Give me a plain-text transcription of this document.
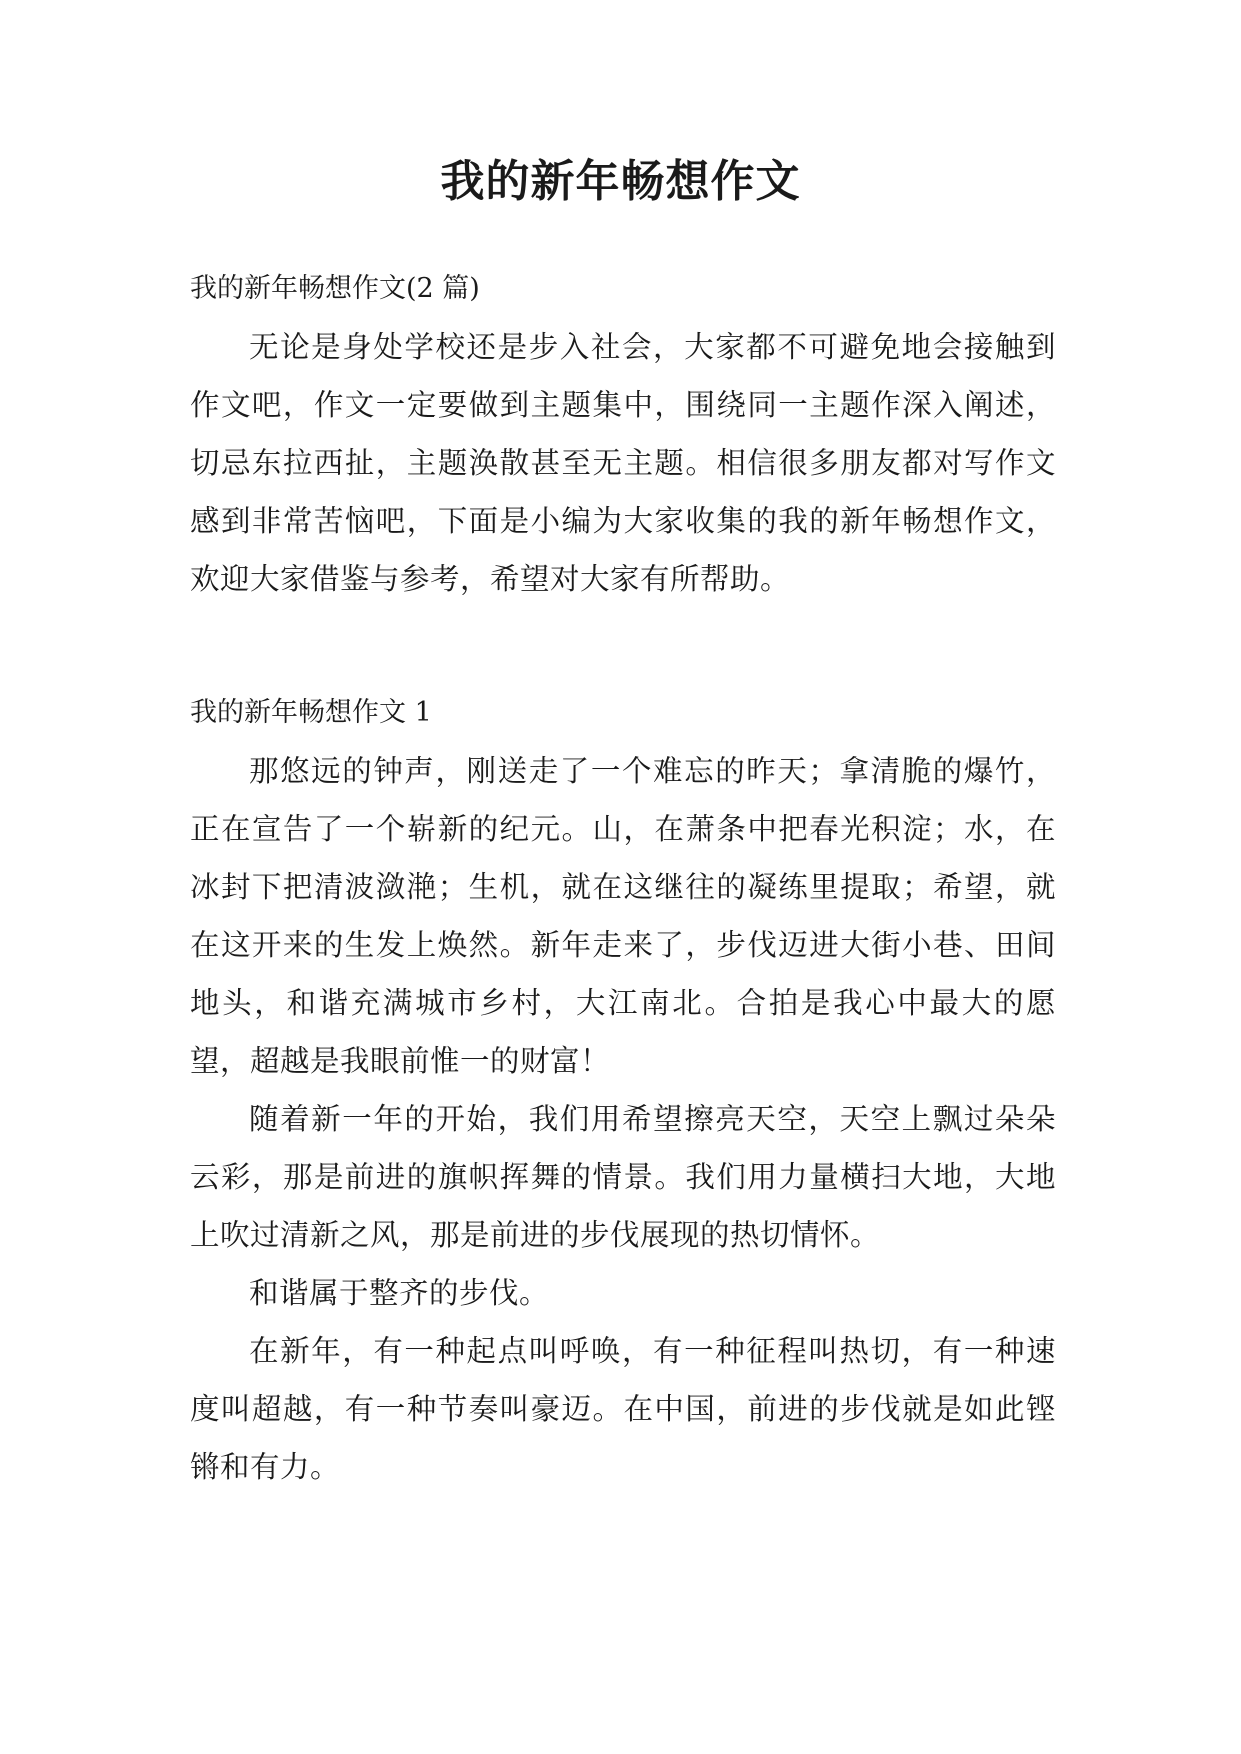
我的新年畅想作文

我的新年畅想作文(2 篇)

无论是身处学校还是步入社会，大家都不可避免地会接触到作文吧，作文一定要做到主题集中，围绕同一主题作深入阐述，切忌东拉西扯，主题涣散甚至无主题。相信很多朋友都对写作文感到非常苦恼吧，下面是小编为大家收集的我的新年畅想作文，欢迎大家借鉴与参考，希望对大家有所帮助。

我的新年畅想作文 1

那悠远的钟声，刚送走了一个难忘的昨天；拿清脆的爆竹，正在宣告了一个崭新的纪元。山，在萧条中把春光积淀；水，在冰封下把清波潋滟；生机，就在这继往的凝练里提取；希望，就在这开来的生发上焕然。新年走来了，步伐迈进大街小巷、田间地头，和谐充满城市乡村，大江南北。合拍是我心中最大的愿望，超越是我眼前惟一的财富！

随着新一年的开始，我们用希望擦亮天空，天空上飘过朵朵云彩，那是前进的旗帜挥舞的情景。我们用力量横扫大地，大地上吹过清新之风，那是前进的步伐展现的热切情怀。

和谐属于整齐的步伐。

在新年，有一种起点叫呼唤，有一种征程叫热切，有一种速度叫超越，有一种节奏叫豪迈。在中国，前进的步伐就是如此铿锵和有力。
